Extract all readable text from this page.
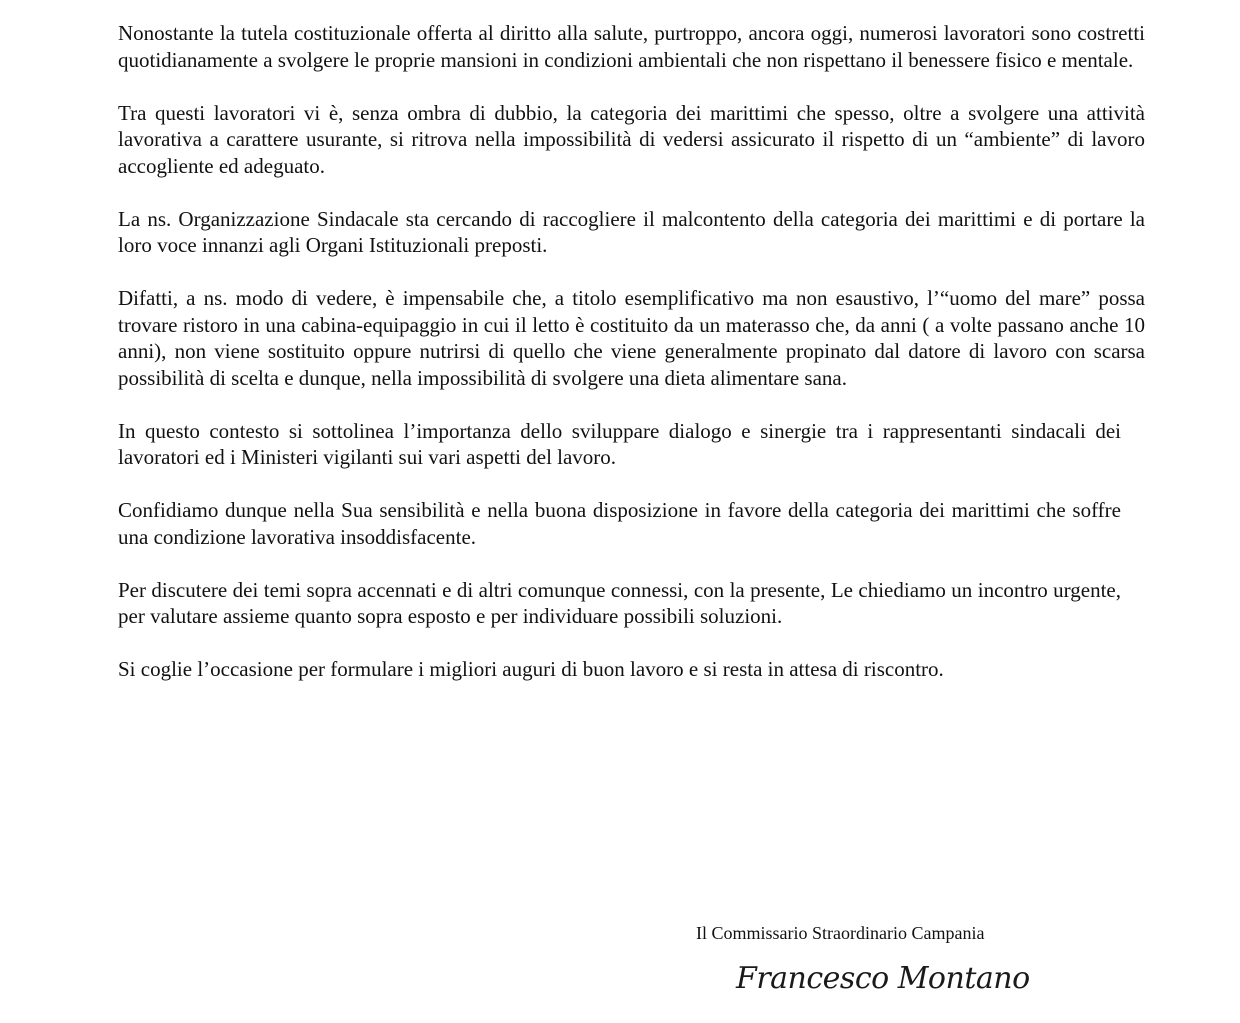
Nonostante la tutela costituzionale offerta al diritto alla salute, purtroppo, ancora oggi, numerosi lavoratori sono costretti quotidianamente a svolgere le proprie mansioni in condizioni ambientali che non rispettano il benessere fisico e mentale.

Tra questi lavoratori vi è, senza ombra di dubbio, la categoria dei marittimi che spesso, oltre a svolgere una attività lavorativa a carattere usurante, si ritrova nella impossibilità di vedersi assicurato il rispetto di un “ambiente” di lavoro accogliente ed adeguato.

La ns. Organizzazione Sindacale sta cercando di raccogliere il malcontento della categoria dei marittimi e di portare la loro voce innanzi agli Organi Istituzionali preposti.

Difatti, a ns. modo di vedere, è impensabile che, a titolo esemplificativo ma non esaustivo, l’“uomo del mare” possa trovare ristoro in una cabina-equipaggio in cui il letto è costituito da un materasso che, da anni ( a volte passano anche 10 anni), non viene sostituito oppure nutrirsi di quello che viene generalmente propinato dal datore di lavoro con scarsa possibilità di scelta e dunque, nella impossibilità di svolgere una dieta alimentare sana.

In questo contesto si sottolinea l’importanza dello sviluppare dialogo e sinergie tra i rappresentanti sindacali dei lavoratori ed i Ministeri vigilanti sui vari aspetti del lavoro.

Confidiamo dunque nella Sua sensibilità e nella buona disposizione in favore della categoria dei marittimi che soffre una condizione lavorativa insoddisfacente.

Per discutere dei temi sopra accennati e di altri comunque connessi, con la presente, Le chiediamo un incontro urgente, per valutare assieme quanto sopra esposto e per individuare possibili soluzioni.

Si coglie l’occasione per formulare i migliori auguri di buon lavoro e si resta in attesa di riscontro.

Il Commissario Straordinario Campania
Francesco Montano
